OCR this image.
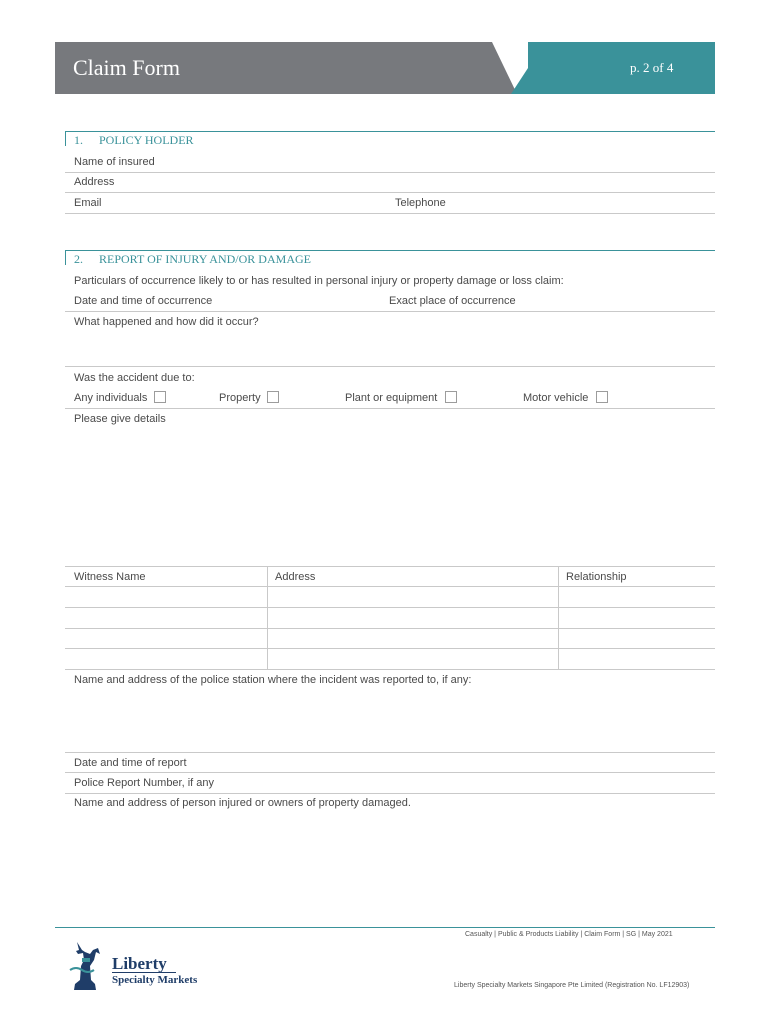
Claim Form	p. 2 of 4
1. POLICY HOLDER
Name of insured
Address
Email	Telephone
2. REPORT OF INJURY AND/OR DAMAGE
Particulars of occurrence likely to or has resulted in personal injury or property damage or loss claim:
Date and time of occurrence	Exact place of occurrence
What happened and how did it occur?
Was the accident due to:
Any individuals	Property	Plant or equipment	Motor vehicle
Please give details
Witness Name	Address	Relationship
Name and address of the police station where the incident was reported to, if any:
Date and time of report
Police Report Number, if any
Name and address of person injured or owners of property damaged.
Casualty | Public & Products Liability | Claim Form | SG | May 2021
Liberty Specialty Markets Singapore Pte Limited (Registration No. LF12903)
Liberty
Specialty Markets
